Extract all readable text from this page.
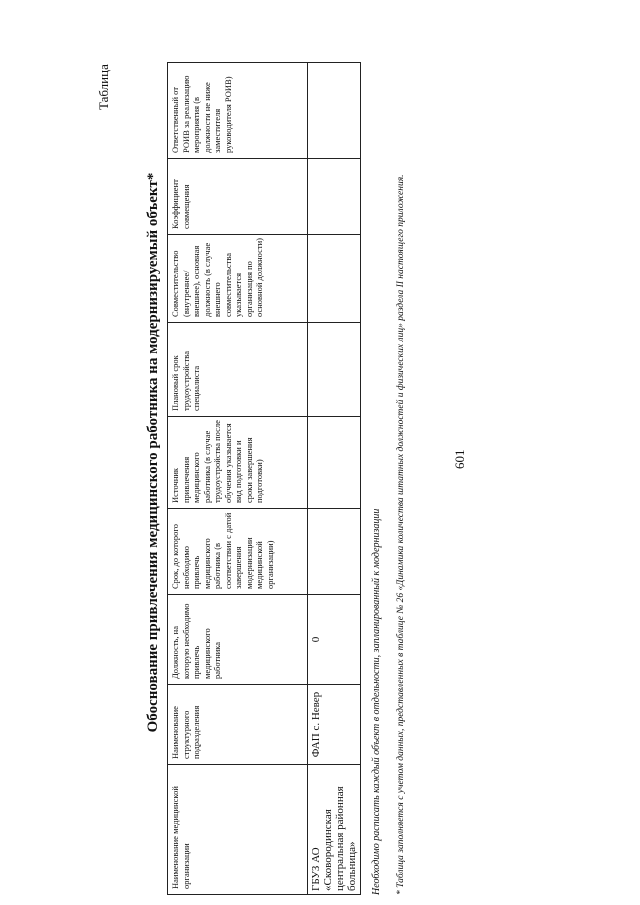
601
Таблица
Обоснование привлечения медицинского работника на модернизируемый объект*
Наименование медицинской организации	Наименование структурного подразделения	Должность, на которую необходимо привлечь медицинского работника	Срок, до которого необходимо привлечь медицинского работника (в соответствии с датой завершения модернизации медицинской организации)	Источник привлечения медицинского работника (в случае трудоустройства после обучения указывается вид подготовки и сроки завершения подготовки)	Плановый срок трудоустройства специалиста	Совместительство (внутреннее/ внешнее), основная должность (в случае внешнего совместительства указывается организация по основной должности)	Коэффициент совмещения	Ответственный от РОИВ за реализацию мероприятия (в должности не ниже заместителя руководителя РОИВ)

ГБУЗ АО «Сковородинская центральная районная больница»	ФАП с. Невер	0							Необходимо расписать каждый объект в отдельности, запланированный к модернизации * Таблица заполняется с учетом данных, представленных в таблице № 26 «Динамика количества штатных должностей и физических лиц» раздела II настоящего приложения.
